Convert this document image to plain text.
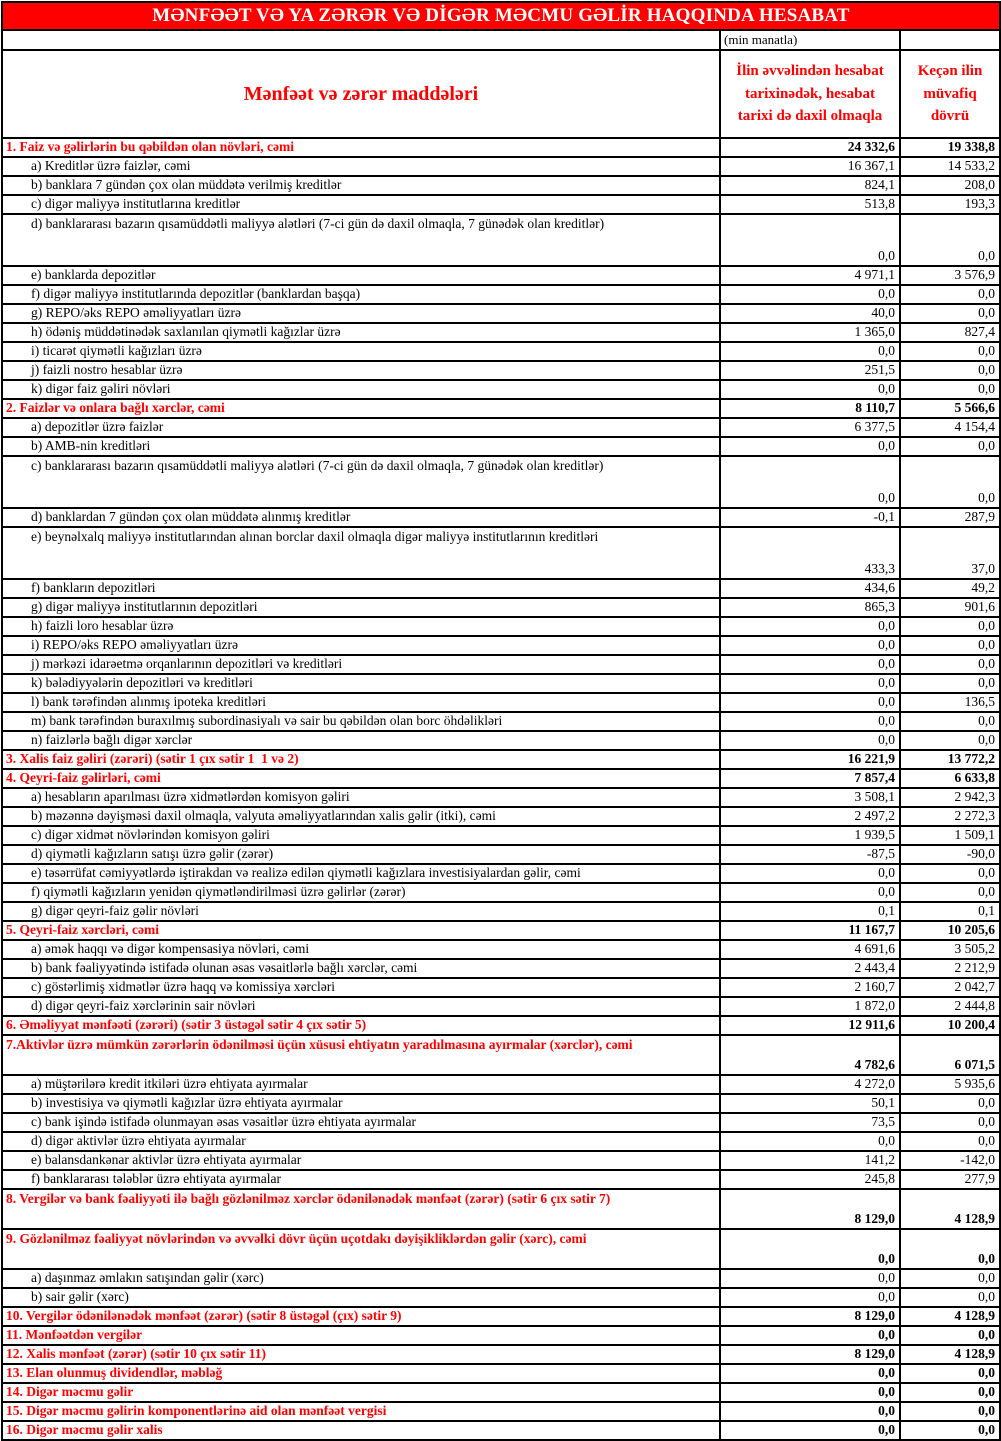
MƏNFƏƏT VƏ YA ZƏRƏR VƏ DİGƏR MƏCMU GƏLİR HAQQINDA HESABAT		
	(min manatla)	
Mənfəət və zərər maddələri	İlin əvvəlindən hesabat tarixinədək, hesabat tarixi də daxil olmaqla	Keçən ilin müvafiq dövrü
1. Faiz və gəlirlərin bu qəbildən olan növləri, cəmi	24 332,6	19 338,8
a) Kreditlər üzrə faizlər, cəmi	16 367,1	14 533,2
b) banklara 7 gündən çox olan müddətə verilmiş kreditlər	824,1	208,0
c) digər maliyyə institutlarına kreditlər	513,8	193,3
d) banklararası bazarın qısamüddətli maliyyə alətləri (7-ci gün də daxil olmaqla, 7 günədək olan kreditlər)	0,0	0,0
e) banklarda depozitlər	4 971,1	3 576,9
f) digər maliyyə institutlarında depozitlər (banklardan başqa)	0,0	0,0
g) REPO/əks REPO əməliyyatları üzrə	40,0	0,0
h) ödəniş müddətinədək saxlanılan qiymətli kağızlar üzrə	1 365,0	827,4
i) ticarət qiymətli kağızları üzrə	0,0	0,0
j) faizli nostro hesablar üzrə	251,5	0,0
k) digər faiz gəliri növləri	0,0	0,0
2. Faizlər və onlara bağlı xərclər, cəmi	8 110,7	5 566,6
a) depozitlər üzrə faizlər	6 377,5	4 154,4
b) AMB-nin kreditləri	0,0	0,0
c) banklararası bazarın qısamüddətli maliyyə alətləri (7-ci gün də daxil olmaqla, 7 günədək olan kreditlər)	0,0	0,0
d) banklardan 7 gündən çox olan müddətə alınmış kreditlər	-0,1	287,9
e) beynəlxalq maliyyə institutlarından alınan borclar daxil olmaqla digər maliyyə institutlarının kreditləri	433,3	37,0
f) bankların depozitləri	434,6	49,2
g) digər maliyyə institutlarının depozitləri	865,3	901,6
h) faizli loro hesablar üzrə	0,0	0,0
i) REPO/əks REPO əməliyyatları üzrə	0,0	0,0
j) mərkəzi idarəetmə orqanlarının depozitləri və kreditləri	0,0	0,0
k) bələdiyyələrin depozitləri və kreditləri	0,0	0,0
l) bank tərəfindən alınmış ipoteka kreditləri	0,0	136,5
m) bank tərəfindən buraxılmış subordinasiyalı və sair bu qəbildən olan borc öhdəlikləri	0,0	0,0
n) faizlərlə bağlı digər xərclər	0,0	0,0
3. Xalis faiz gəliri (zərəri) (sətir 1 çıx sətir 1  1 və 2)	16 221,9	13 772,2
4. Qeyri-faiz gəlirləri, cəmi	7 857,4	6 633,8
a) hesabların aparılması üzrə xidmətlərdən komisyon gəliri	3 508,1	2 942,3
b) məzənnə dəyişməsi daxil olmaqla, valyuta əməliyyatlarından xalis gəlir (itki), cəmi	2 497,2	2 272,3
c) digər xidmət növlərindən komisyon gəliri	1 939,5	1 509,1
d) qiymətli kağızların satışı üzrə gəlir (zərər)	-87,5	-90,0
e) təsərrüfat cəmiyyətlərdə iştirakdan və realizə edilən qiymətli kağızlara investisiyalardan gəlir, cəmi	0,0	0,0
f) qiymətli kağızların yenidən qiymətləndirilməsi üzrə gəlirlər (zərər)	0,0	0,0
g) digər qeyri-faiz gəlir növləri	0,1	0,1
5. Qeyri-faiz xərcləri, cəmi	11 167,7	10 205,6
a) əmək haqqı və digər kompensasiya növləri, cəmi	4 691,6	3 505,2
b) bank fəaliyyətində istifadə olunan əsas vəsaitlərlə bağlı xərclər, cəmi	2 443,4	2 212,9
c) göstərlimiş xidmətlər üzrə haqq və komissiya xərcləri	2 160,7	2 042,7
d) digər qeyri-faiz xərclərinin sair növləri	1 872,0	2 444,8
6. Əməliyyat mənfəəti (zərəri) (sətir 3 üstəgəl sətir 4 çıx sətir 5)	12 911,6	10 200,4
7.Aktivlər üzrə mümkün zərərlərin ödənilməsi üçün xüsusi ehtiyatın yaradılmasına ayırmalar (xərclər), cəmi	4 782,6	6 071,5
a) müştərilərə kredit itkiləri üzrə ehtiyata ayırmalar	4 272,0	5 935,6
b) investisiya və qiymətli kağızlar üzrə ehtiyata ayırmalar	50,1	0,0
c) bank işində istifadə olunmayan əsas vəsaitlər üzrə ehtiyata ayırmalar	73,5	0,0
d) digər aktivlər üzrə ehtiyata ayırmalar	0,0	0,0
e) balansdankənar aktivlər üzrə ehtiyata ayırmalar	141,2	-142,0
f) banklararası tələblər üzrə ehtiyata ayırmalar	245,8	277,9
8. Vergilər və bank fəaliyyəti ilə bağlı gözlənilməz xərclər ödənilənədək mənfəət (zərər) (sətir 6 çıx sətir 7)	8 129,0	4 128,9
9. Gözlənilməz fəaliyyət növlərindən və əvvəlki dövr üçün uçotdakı dəyişikliklərdən gəlir (xərc), cəmi	0,0	0,0
a) daşınmaz əmlakın satışından gəlir (xərc)	0,0	0,0
b) sair gəlir (xərc)	0,0	0,0
10. Vergilər ödənilənədək mənfəət (zərər) (sətir 8 üstəgəl (çıx) sətir 9)	8 129,0	4 128,9
11. Mənfəətdən vergilər	0,0	0,0
12. Xalis mənfəət (zərər) (sətir 10 çıx sətir 11)	8 129,0	4 128,9
13. Elan olunmuş dividendlər, məbləğ	0,0	0,0
14. Digər məcmu gəlir	0,0	0,0
15. Digər məcmu gəlirin komponentlərinə aid olan mənfəət vergisi	0,0	0,0
16. Digər məcmu gəlir xalis	0,0	0,0
